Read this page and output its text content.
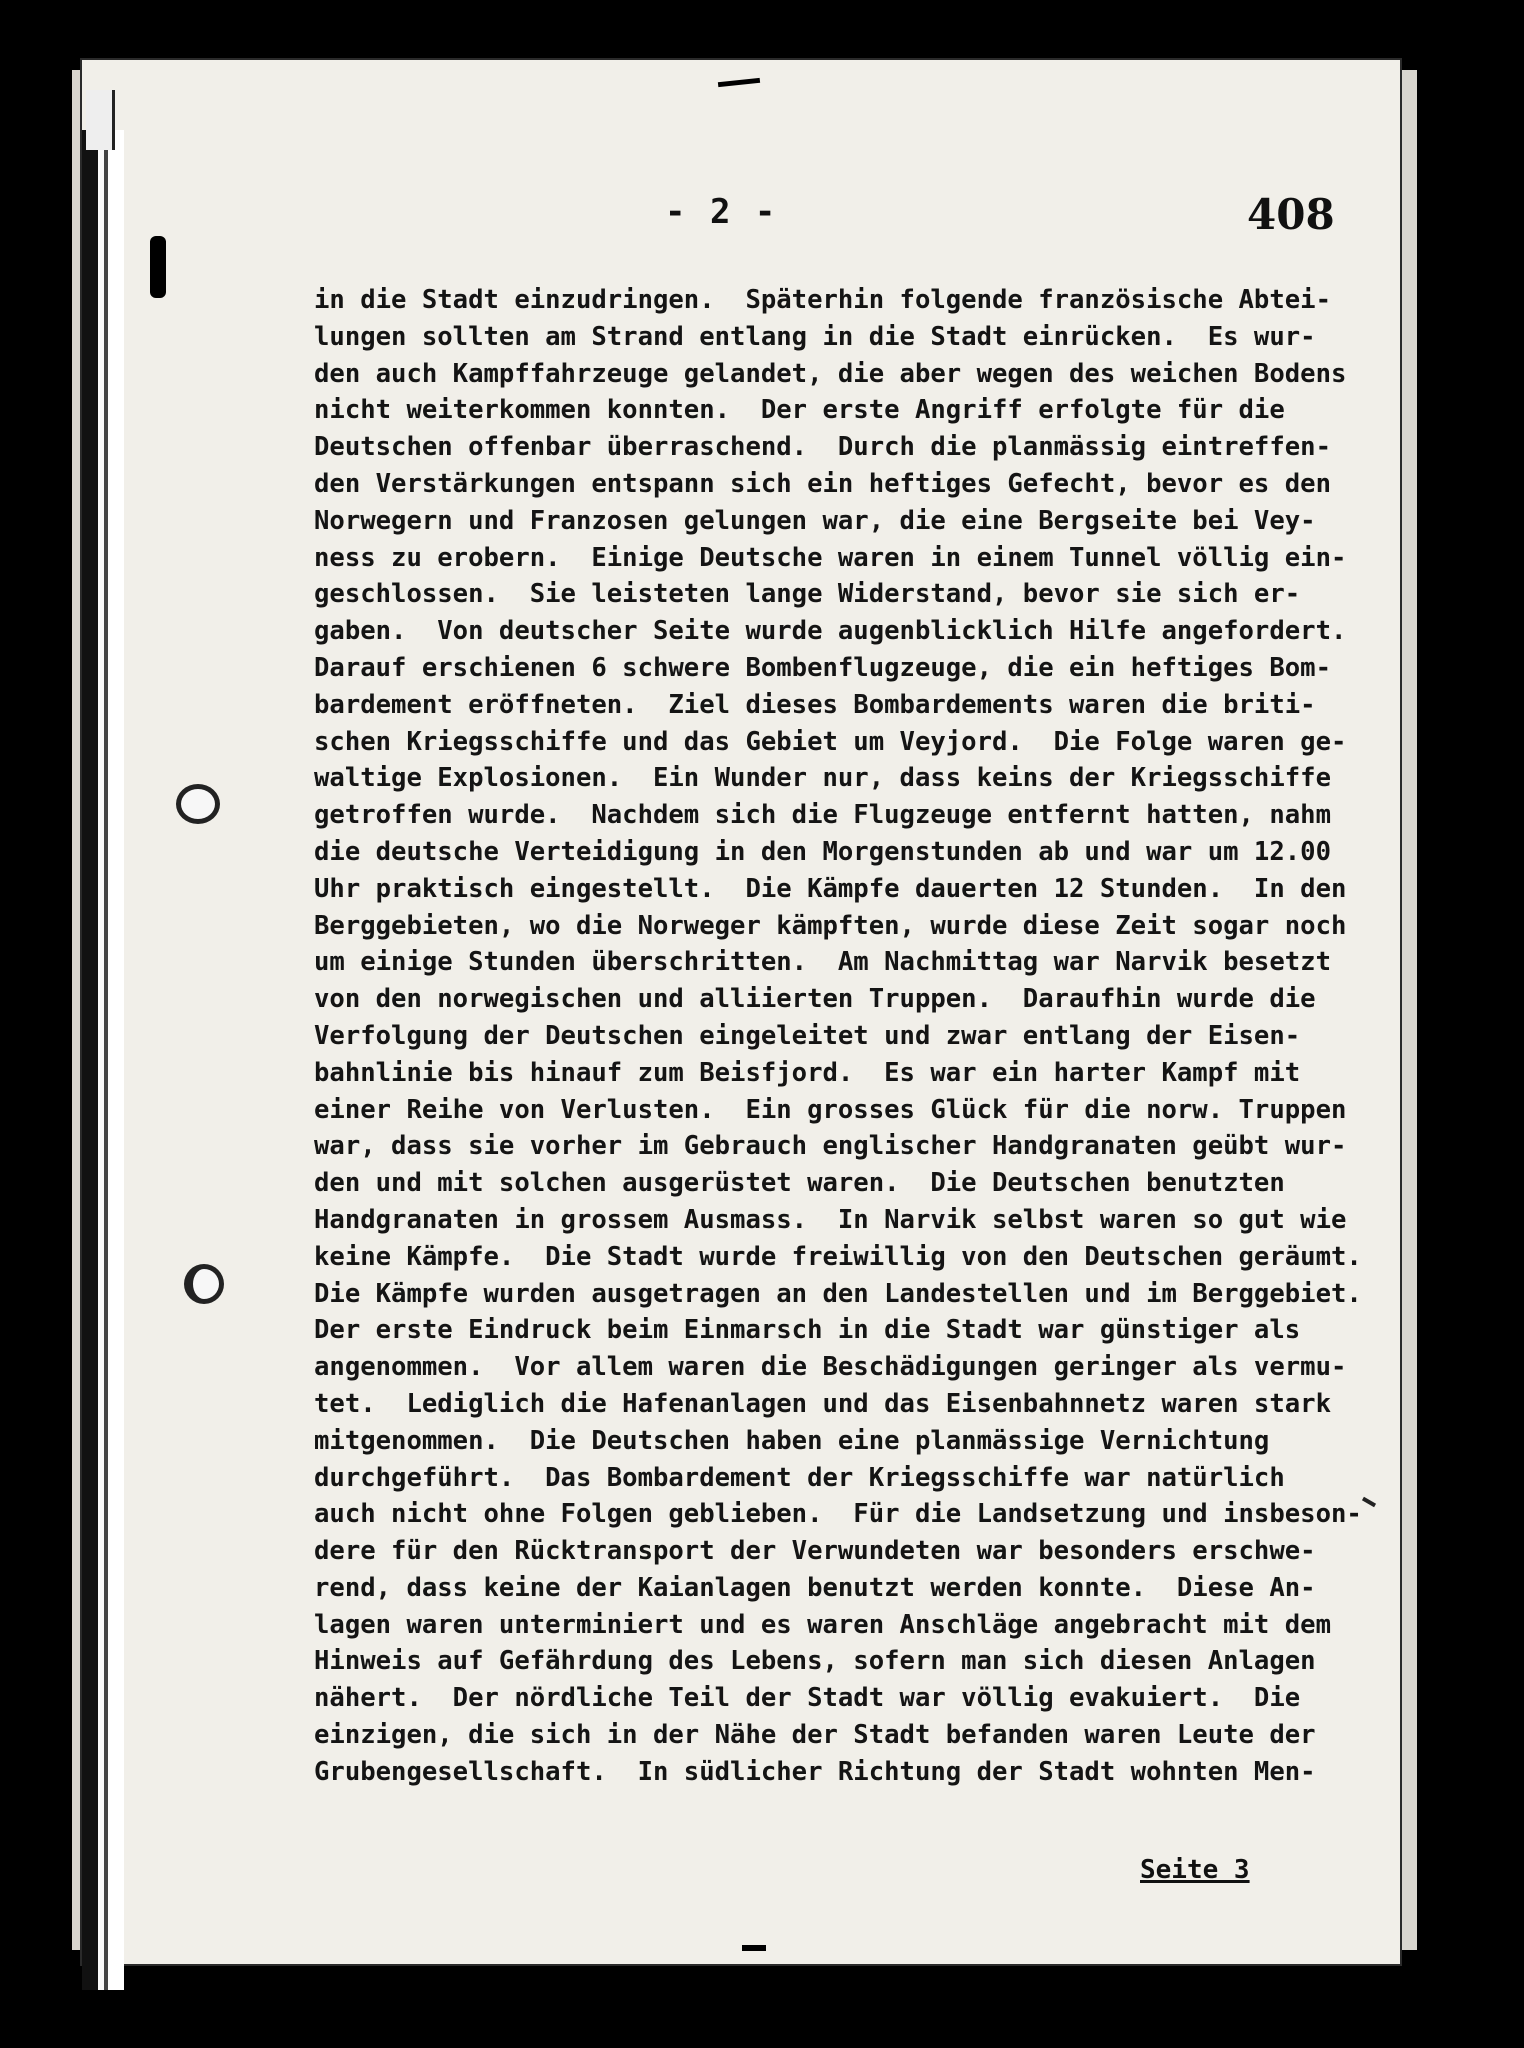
- 2 -	408
in die Stadt einzudringen.  Späterhin folgende französische Abtei-
lungen sollten am Strand entlang in die Stadt einrücken.  Es wur-
den auch Kampffahrzeuge gelandet, die aber wegen des weichen Bodens
nicht weiterkommen konnten.  Der erste Angriff erfolgte für die
Deutschen offenbar überraschend.  Durch die planmässig eintreffen-
den Verstärkungen entspann sich ein heftiges Gefecht, bevor es den
Norwegern und Franzosen gelungen war, die eine Bergseite bei Vey-
ness zu erobern.  Einige Deutsche waren in einem Tunnel völlig ein-
geschlossen.  Sie leisteten lange Widerstand, bevor sie sich er-
gaben.  Von deutscher Seite wurde augenblicklich Hilfe angefordert.
Darauf erschienen 6 schwere Bombenflugzeuge, die ein heftiges Bom-
bardement eröffneten.  Ziel dieses Bombardements waren die briti-
schen Kriegsschiffe und das Gebiet um Veyjord.  Die Folge waren ge-
waltige Explosionen.  Ein Wunder nur, dass keins der Kriegsschiffe
getroffen wurde.  Nachdem sich die Flugzeuge entfernt hatten, nahm
die deutsche Verteidigung in den Morgenstunden ab und war um 12.00
Uhr praktisch eingestellt.  Die Kämpfe dauerten 12 Stunden.  In den
Berggebieten, wo die Norweger kämpften, wurde diese Zeit sogar noch
um einige Stunden überschritten.  Am Nachmittag war Narvik besetzt
von den norwegischen und alliierten Truppen.  Daraufhin wurde die
Verfolgung der Deutschen eingeleitet und zwar entlang der Eisen-
bahnlinie bis hinauf zum Beisfjord.  Es war ein harter Kampf mit
einer Reihe von Verlusten.  Ein grosses Glück für die norw. Truppen
war, dass sie vorher im Gebrauch englischer Handgranaten geübt wur-
den und mit solchen ausgerüstet waren.  Die Deutschen benutzten
Handgranaten in grossem Ausmass.  In Narvik selbst waren so gut wie
keine Kämpfe.  Die Stadt wurde freiwillig von den Deutschen geräumt.
Die Kämpfe wurden ausgetragen an den Landestellen und im Berggebiet.
Der erste Eindruck beim Einmarsch in die Stadt war günstiger als
angenommen.  Vor allem waren die Beschädigungen geringer als vermu-
tet.  Lediglich die Hafenanlagen und das Eisenbahnnetz waren stark
mitgenommen.  Die Deutschen haben eine planmässige Vernichtung
durchgeführt.  Das Bombardement der Kriegsschiffe war natürlich
auch nicht ohne Folgen geblieben.  Für die Landsetzung und insbeson-
dere für den Rücktransport der Verwundeten war besonders erschwe-
rend, dass keine der Kaianlagen benutzt werden konnte.  Diese An-
lagen waren unterminiert und es waren Anschläge angebracht mit dem
Hinweis auf Gefährdung des Lebens, sofern man sich diesen Anlagen
nähert.  Der nördliche Teil der Stadt war völlig evakuiert.  Die
einzigen, die sich in der Nähe der Stadt befanden waren Leute der
Grubengesellschaft.  In südlicher Richtung der Stadt wohnten Men-
Seite 3
